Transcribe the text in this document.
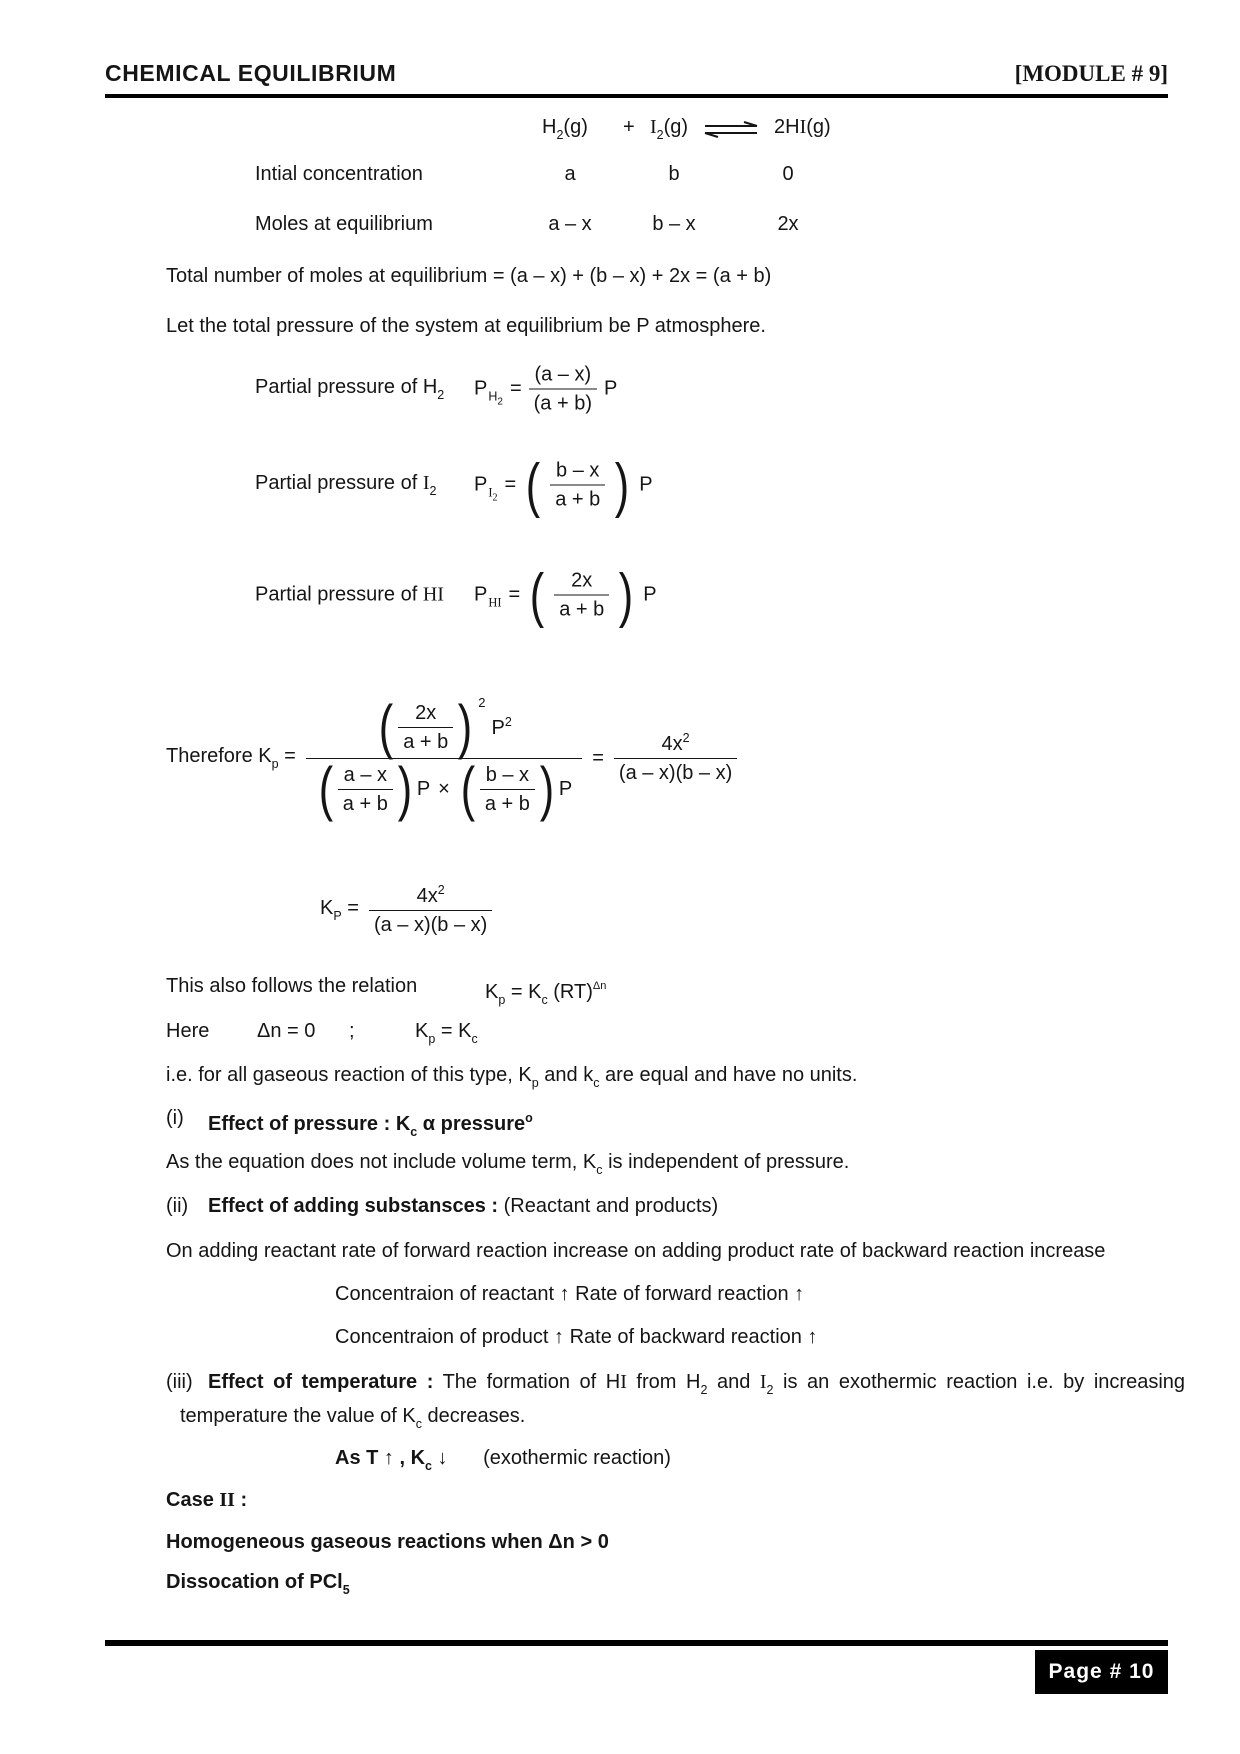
CHEMICAL EQUILIBRIUM	[MODULE # 9]
$H_2(g) + I_2(g)$ ⇌ 2HI(g)
Intial concentration	a	b	0
Moles at equilibrium	a – x	b – x	2x
Total number of moles at equilibrium = (a – x) + (b – x) + 2x = (a + b)
Let the total pressure of the system at equilibrium be P atmosphere.
Partial pressure of $H_2$ $P_{H_2}$
= $\frac{(a - x)}{(a + b)}$ P
Partial pressure of $I_2$ $P_{I_2}$
= ( $\frac{b - x}{a + b}$ ) P
Partial pressure of HI $P_{HI}$ = ( $\frac{2x}{a + b}$ ) P
Therefore $K_p$ = ( $\frac{2x}{a + b}$ ) 2
$P^2$
( $\frac{a - x}{a + b}$ ) P × ( $\frac{b - x}{a + b}$ ) $P = \frac{4x^2}{(a - x)(b - x)}$
$K_P = \frac{4x^2}{(a - x)(b - x)}$
This also follows the relation	$K_p = K_c$ (RT)$^{\Delta n}$
Here Δn = 0 ;	$K_p = K_c$
i.e. for all gaseous reaction of this type, $K_p$ and $k_c$ are equal and have no units.
(i) Effect of pressure : $K_c$ α pressure$^o$
As the equation does not include volume term, $K_c$ is independent of pressure.
(ii) Effect of adding substansces : (Reactant and products)
On adding reactant rate of forward reaction increase on adding product rate of backward reaction increase
Concentraion of reactant ↑ Rate of forward reaction ↑
Concentraion of product ↑ Rate of backward reaction ↑
(iii) Effect of temperature : The formation of HI from $H_2$ and $I_2$ is an exothermic reaction i.e. by increasing
temperature the value of $K_c$ decreases.
As T ↑ , $K_c$ ↓ (exothermic reaction)
Case II :
Homogeneous gaseous reactions when Δn > 0
Dissocation of PCl$_5$
Page # 10
